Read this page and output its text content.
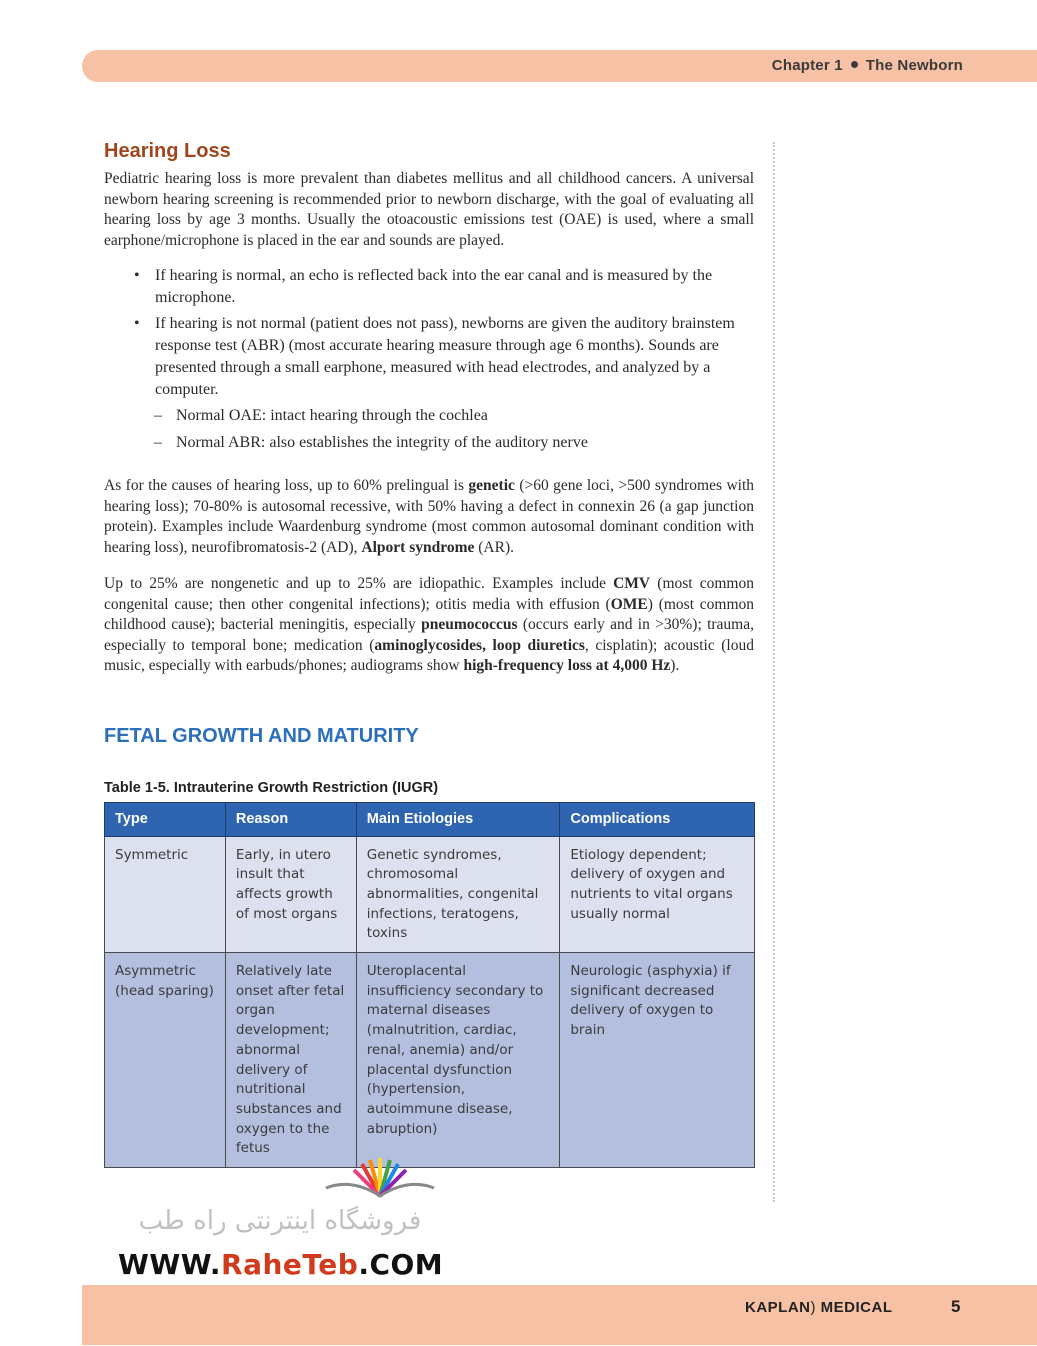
Chapter 1 The Newborn
Hearing Loss

Pediatric hearing loss is more prevalent than diabetes mellitus and all childhood cancers. A universal newborn hearing screening is recommended prior to newborn discharge, with the goal of evaluating all hearing loss by age 3 months. Usually the otoacoustic emissions test (OAE) is used, where a small earphone/microphone is placed in the ear and sounds are played.

• If hearing is normal, an echo is reflected back into the ear canal and is measured by the microphone.
• If hearing is not normal (patient does not pass), newborns are given the auditory brainstem response test (ABR) (most accurate hearing measure through age 6 months). Sounds are presented through a small earphone, measured with head electrodes, and analyzed by a computer.
– Normal OAE: intact hearing through the cochlea
– Normal ABR: also establishes the integrity of the auditory nerve

As for the causes of hearing loss, up to 60% prelingual is genetic (>60 gene loci, >500 syndromes with hearing loss); 70-80% is autosomal recessive, with 50% having a defect in connexin 26 (a gap junction protein). Examples include Waardenburg syndrome (most common autosomal dominant condition with hearing loss), neurofibromatosis-2 (AD), Alport syndrome (AR).

Up to 25% are nongenetic and up to 25% are idiopathic. Examples include CMV (most common congenital cause; then other congenital infections); otitis media with effusion (OME) (most common childhood cause); bacterial meningitis, especially pneumococcus (occurs early and in >30%); trauma, especially to temporal bone; medication (aminoglycosides, loop diuretics, cisplatin); acoustic (loud music, especially with earbuds/phones; audiograms show high-frequency loss at 4,000 Hz).

FETAL GROWTH AND MATURITY
Table 1-5. Intrauterine Growth Restriction (IUGR)
Type	Reason	Main Etiologies	Complications
Symmetric	Early, in utero insult that affects growth of most organs	Genetic syndromes, chromosomal abnormalities, congenital infections, teratogens, toxins	Etiology dependent; delivery of oxygen and nutrients to vital organs usually normal
Asymmetric (head sparing)	Relatively late onset after fetal organ development; abnormal delivery of nutritional substances and oxygen to the fetus	Uteroplacental insufficiency secondary to maternal diseases (malnutrition, cardiac, renal, anemia) and/or placental dysfunction (hypertension, autoimmune disease, abruption)	Neurologic (asphyxia) if significant decreased delivery of oxygen to brain
فروشگاه اینترنتی راه طب
WWW.RaheTeb.COM
KAPLAN) MEDICAL	5
